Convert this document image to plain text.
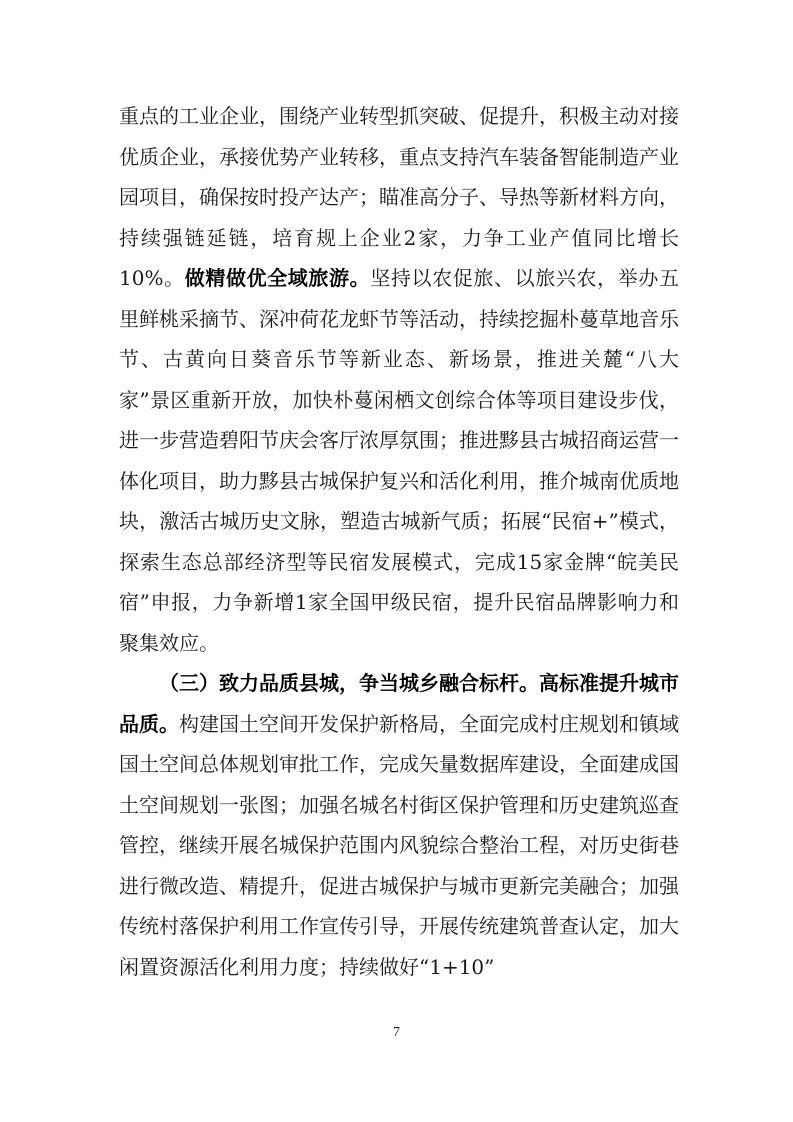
重点的工业企业，围绕产业转型抓突破、促提升，积极主动对接优质企业，承接优势产业转移，重点支持汽车装备智能制造产业园项目，确保按时投产达产；瞄准高分子、导热等新材料方向，持续强链延链，培育规上企业2家，力争工业产值同比增长10%。做精做优全域旅游。坚持以农促旅、以旅兴农，举办五里鲜桃采摘节、深冲荷花龙虾节等活动，持续挖掘朴蔓草地音乐节、古黄向日葵音乐节等新业态、新场景，推进关麓“八大家”景区重新开放，加快朴蔓闲栖文创综合体等项目建设步伐，进一步营造碧阳节庆会客厅浓厚氛围；推进黟县古城招商运营一体化项目，助力黟县古城保护复兴和活化利用，推介城南优质地块，激活古城历史文脉，塑造古城新气质；拓展“民宿+”模式，探索生态总部经济型等民宿发展模式，完成15家金牌“皖美民宿”申报，力争新增1家全国甲级民宿，提升民宿品牌影响力和聚集效应。

（三）致力品质县城，争当城乡融合标杆。高标准提升城市品质。构建国土空间开发保护新格局，全面完成村庄规划和镇域国土空间总体规划审批工作，完成矢量数据库建设，全面建成国土空间规划一张图；加强名城名村街区保护管理和历史建筑巡查管控，继续开展名城保护范围内风貌综合整治工程，对历史街巷进行微改造、精提升，促进古城保护与城市更新完美融合；加强传统村落保护利用工作宣传引导，开展传统建筑普查认定，加大闲置资源活化利用力度；持续做好“1+10”

7
